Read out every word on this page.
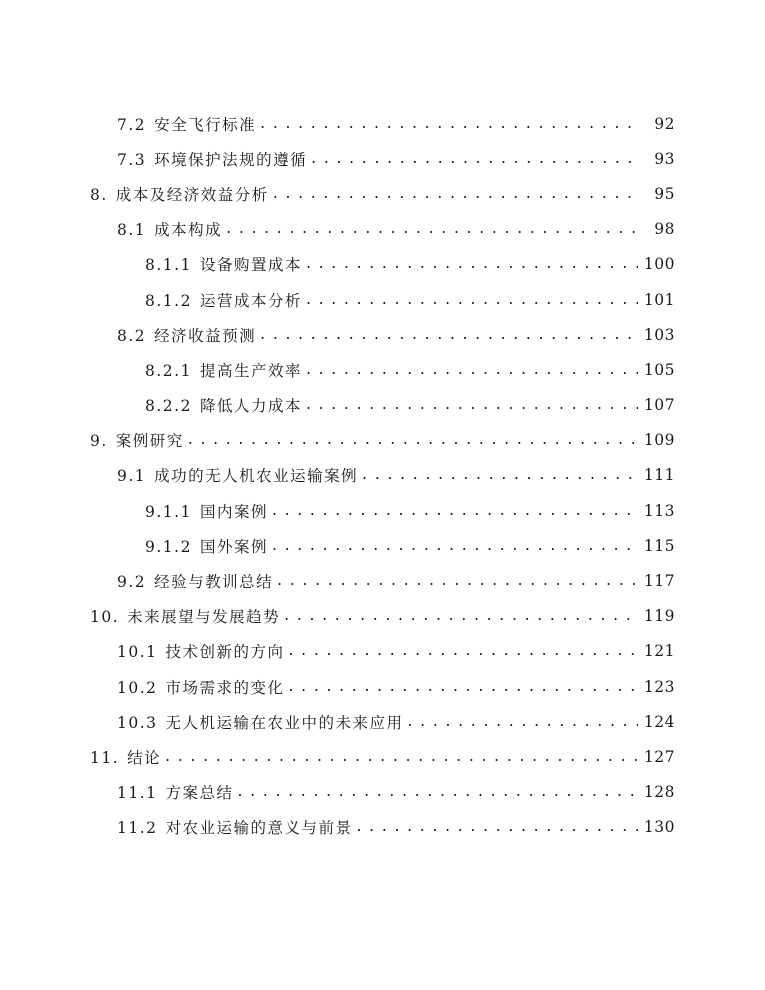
7.2 安全飞行标准 . . .	92
7.3 环境保护法规的遵循 . . .	93
8. 成本及经济效益分析 . . .	95
8.1 成本构成 . . .	98
8.1.1 设备购置成本 . . .	100
8.1.2 运营成本分析 . . .	101
8.2 经济收益预测 . . .	103
8.2.1 提高生产效率 . . .	105
8.2.2 降低人力成本 . . .	107
9. 案例研究 . . .	109
9.1 成功的无人机农业运输案例 . . .	111
9.1.1 国内案例 . . .	113
9.1.2 国外案例 . . .	115
9.2 经验与教训总结 . . .	117
10. 未来展望与发展趋势 . . .	119
10.1 技术创新的方向 . . .	121
10.2 市场需求的变化 . . .	123
10.3 无人机运输在农业中的未来应用 . . .	124
11. 结论 . . .	127
11.1 方案总结 . . .	128
11.2 对农业运输的意义与前景 . . .	130
